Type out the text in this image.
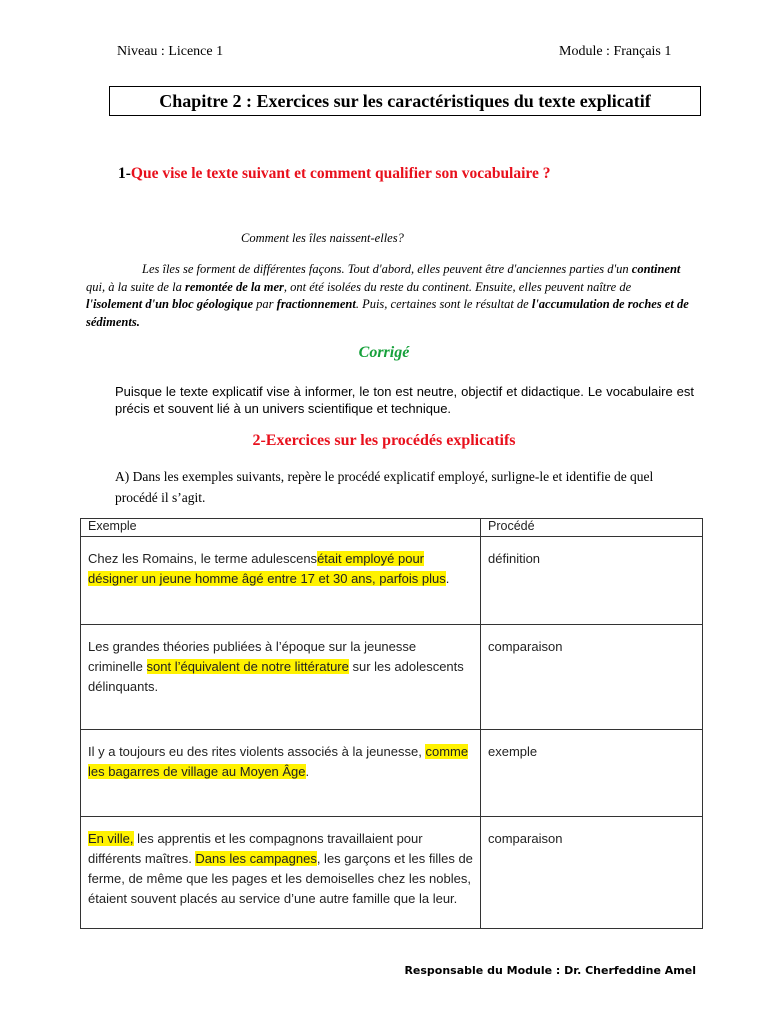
Niveau : Licence 1	Module : Français 1
Chapitre 2 : Exercices sur les caractéristiques du texte explicatif
1-Que vise le texte suivant et comment qualifier son vocabulaire ?
Comment les îles naissent-elles?
Les îles se forment de différentes façons. Tout d'abord, elles peuvent être d'anciennes parties d'un continent qui, à la suite de la remontée de la mer, ont été isolées du reste du continent. Ensuite, elles peuvent naître de l'isolement d'un bloc géologique par fractionnement. Puis, certaines sont le résultat de l'accumulation de roches et de sédiments.
Corrigé
Puisque le texte explicatif vise à informer, le ton est neutre, objectif et didactique. Le vocabulaire est précis et souvent lié à un univers scientifique et technique.
2-Exercices sur les procédés explicatifs
A) Dans les exemples suivants, repère le procédé explicatif employé, surligne-le et identifie de quel procédé il s’agit.
Exemple	Procédé
Chez les Romains, le terme adulescensétait employé pour désigner un jeune homme âgé entre 17 et 30 ans, parfois plus.	définition
Les grandes théories publiées à l’époque sur la jeunesse criminelle sont l’équivalent de notre littérature sur les adolescents délinquants.	comparaison
Il y a toujours eu des rites violents associés à la jeunesse, comme les bagarres de village au Moyen Âge.	exemple
En ville, les apprentis et les compagnons travaillaient pour différents maîtres. Dans les campagnes, les garçons et les filles de ferme, de même que les pages et les demoiselles chez les nobles, étaient souvent placés au service d’une autre famille que la leur.	comparaison
Responsable du Module : Dr. Cherfeddine Amel
